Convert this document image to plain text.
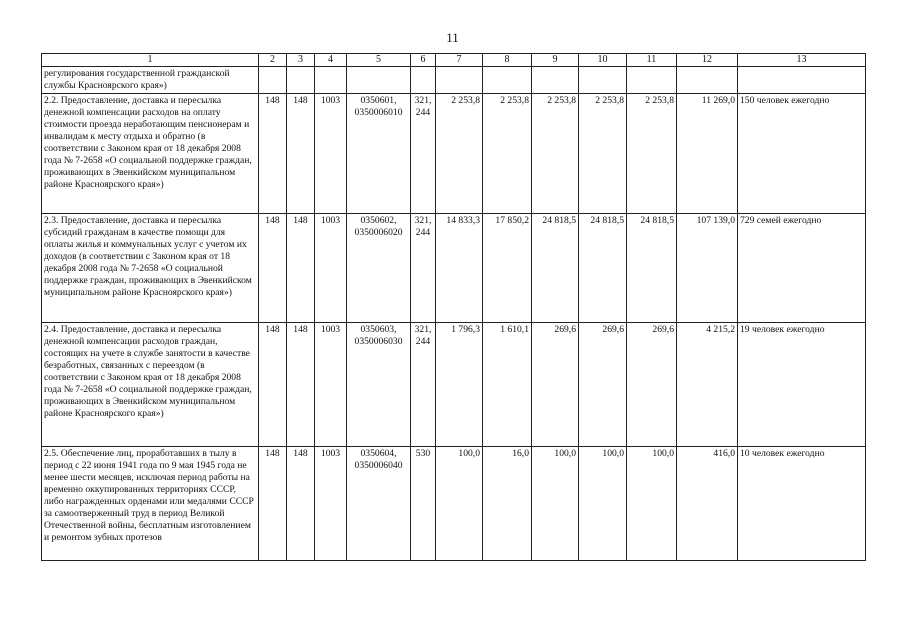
11
1	2	3	4	5	6	7	8	9	10	11	12	13
регулирования государственной гражданской службы Красноярского края»)												
2.2. Предоставление, доставка и пересылка денежной компенсации расходов на оплату стоимости проезда неработающим пенсионерам и инвалидам к месту отдыха и обратно (в соответствии с Законом края от 18 декабря 2008 года № 7-2658 «О социальной поддержке граждан, проживающих в Эвенкийском муниципальном районе Красноярского края»)	148	148	1003	0350601, 0350006010	321, 244	2 253,8	2 253,8	2 253,8	2 253,8	2 253,8	11 269,0	150 человек ежегодно
2.3. Предоставление, доставка и пересылка субсидий гражданам в качестве помощи для оплаты жилья и коммунальных услуг с учетом их доходов (в соответствии с Законом края от 18 декабря 2008 года № 7-2658 «О социальной поддержке граждан, проживающих в Эвенкийском муниципальном районе Красноярского края»)	148	148	1003	0350602, 0350006020	321, 244	14 833,3	17 850,2	24 818,5	24 818,5	24 818,5	107 139,0	729 семей ежегодно
2.4. Предоставление, доставка и пересылка денежной компенсации расходов граждан, состоящих на учете в службе занятости в качестве безработных, связанных с переездом (в соответствии с Законом края от 18 декабря 2008 года № 7-2658 «О социальной поддержке граждан, проживающих в Эвенкийском муниципальном районе Красноярского края»)	148	148	1003	0350603, 0350006030	321, 244	1 796,3	1 610,1	269,6	269,6	269,6	4 215,2	19 человек ежегодно
2.5. Обеспечение лиц, проработавших в тылу в период с 22 июня 1941 года по 9 мая 1945 года не менее шести месяцев, исключая период работы на временно оккупированных территориях СССР, либо награжденных орденами или медалями СССР за самоотверженный труд в период Великой Отечественной войны, бесплатным изготовлением и ремонтом зубных протезов	148	148	1003	0350604, 0350006040	530	100,0	16,0	100,0	100,0	100,0	416,0	10 человек ежегодно
